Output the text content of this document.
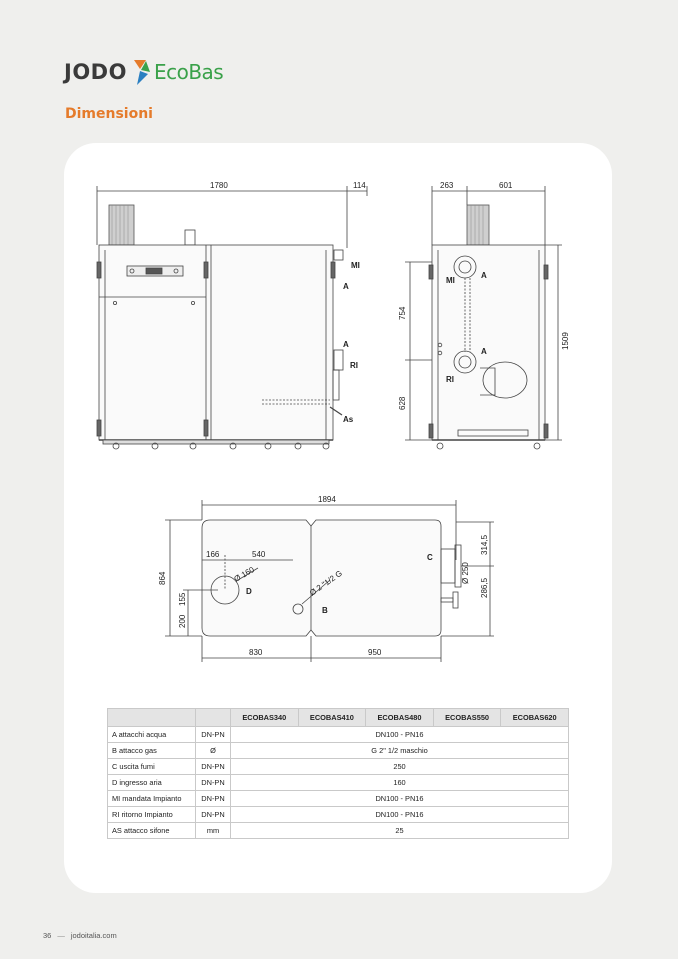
JODO EcoBas
Dimensioni
1780	114
MI
A
A
RI
As
263	601
754
628
1509
A
MI
A
RI
1894
166	540
Ø 160	Ø 2 "1/2 G
864
155
200
830	950
Ø 250
314,5
286,5
D
B
C
		ECOBAS340	ECOBAS410	ECOBAS480	ECOBAS550	ECOBAS620
A attacchi acqua	DN-PN	DN100 - PN16				
B attacco gas	Ø	G 2" 1/2 maschio				
C uscita fumi	DN-PN	250				
D ingresso aria	DN-PN	160				
MI mandata Impianto	DN-PN	DN100 - PN16				
RI ritorno Impianto	DN-PN	DN100 - PN16				
AS attacco sifone	mm	25				
36 — jodoitalia.com
